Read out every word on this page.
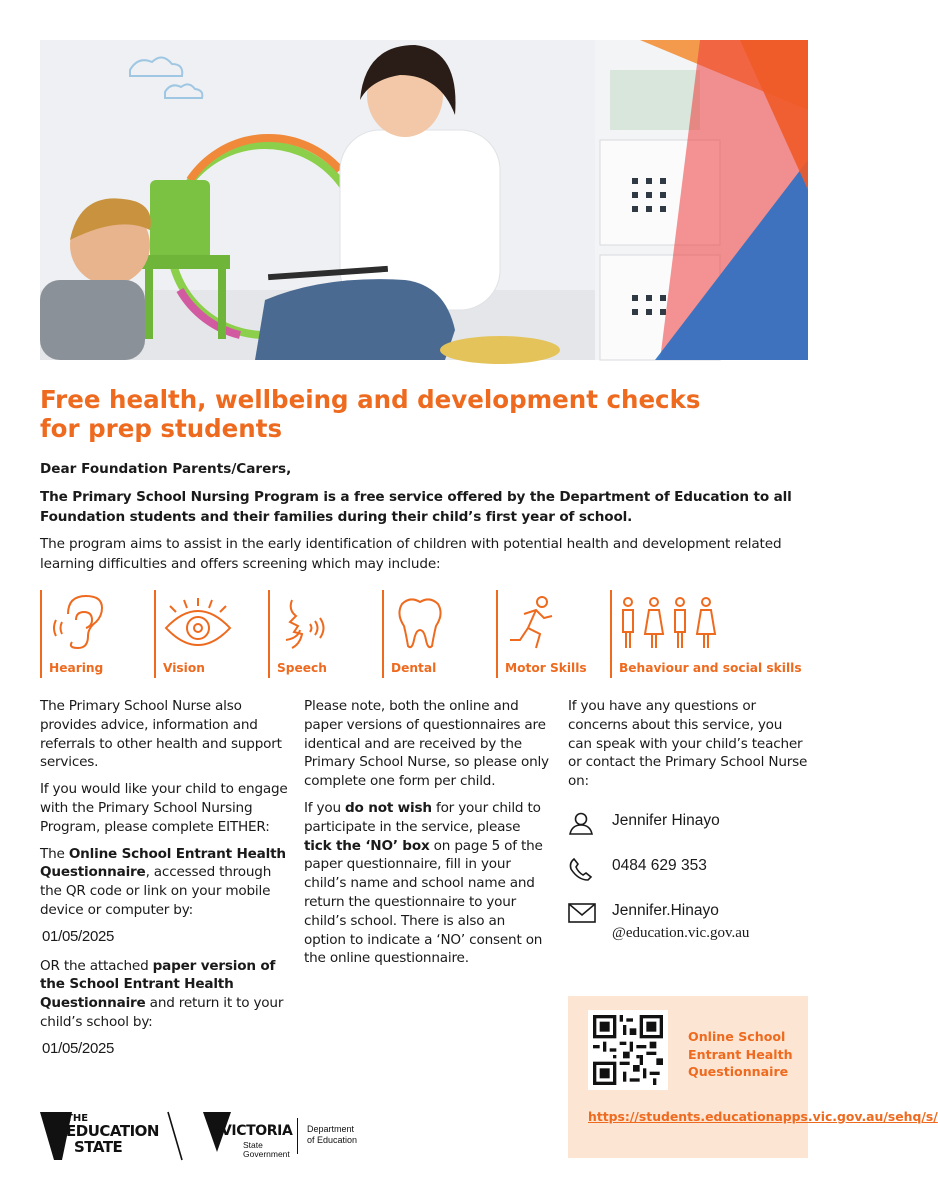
Free health, wellbeing and development checks
for prep students
Dear Foundation Parents/Carers,

The Primary School Nursing Program is a free service offered by the Department of Education to all Foundation students and their families during their child’s first year of school.

The program aims to assist in the early identification of children with potential health and development related learning difficulties and offers screening which may include:

Hearing	Vision	Speech	Dental	Motor Skills	Behaviour and social skills

The Primary School Nurse also provides advice, information and referrals to other health and support services.

If you would like your child to engage with the Primary School Nursing Program, please complete EITHER:

The Online School Entrant Health Questionnaire, accessed through the QR code or link on your mobile device or computer by:

01/05/2025

OR the attached paper version of the School Entrant Health Questionnaire and return it to your child’s school by:

01/05/2025

Please note, both the online and paper versions of questionnaires are identical and are received by the Primary School Nurse, so please only complete one form per child.

If you do not wish for your child to participate in the service, please tick the ‘NO’ box on page 5 of the paper questionnaire, fill in your child’s name and school name and return the questionnaire to your child’s school. There is also an option to indicate a ‘NO’ consent on the online questionnaire.

If you have any questions or concerns about this service, you can speak with your child’s teacher or contact the Primary School Nurse on:

Jennifer Hinayo
0484 629 353
Jennifer.Hinayo
@education.vic.gov.au
Online School Entrant Health Questionnaire
https://students.educationapps.vic.gov.au/sehq/s/
THE
EDUCATION
STATE
VICTORIA
State
Government
Department
of Education
